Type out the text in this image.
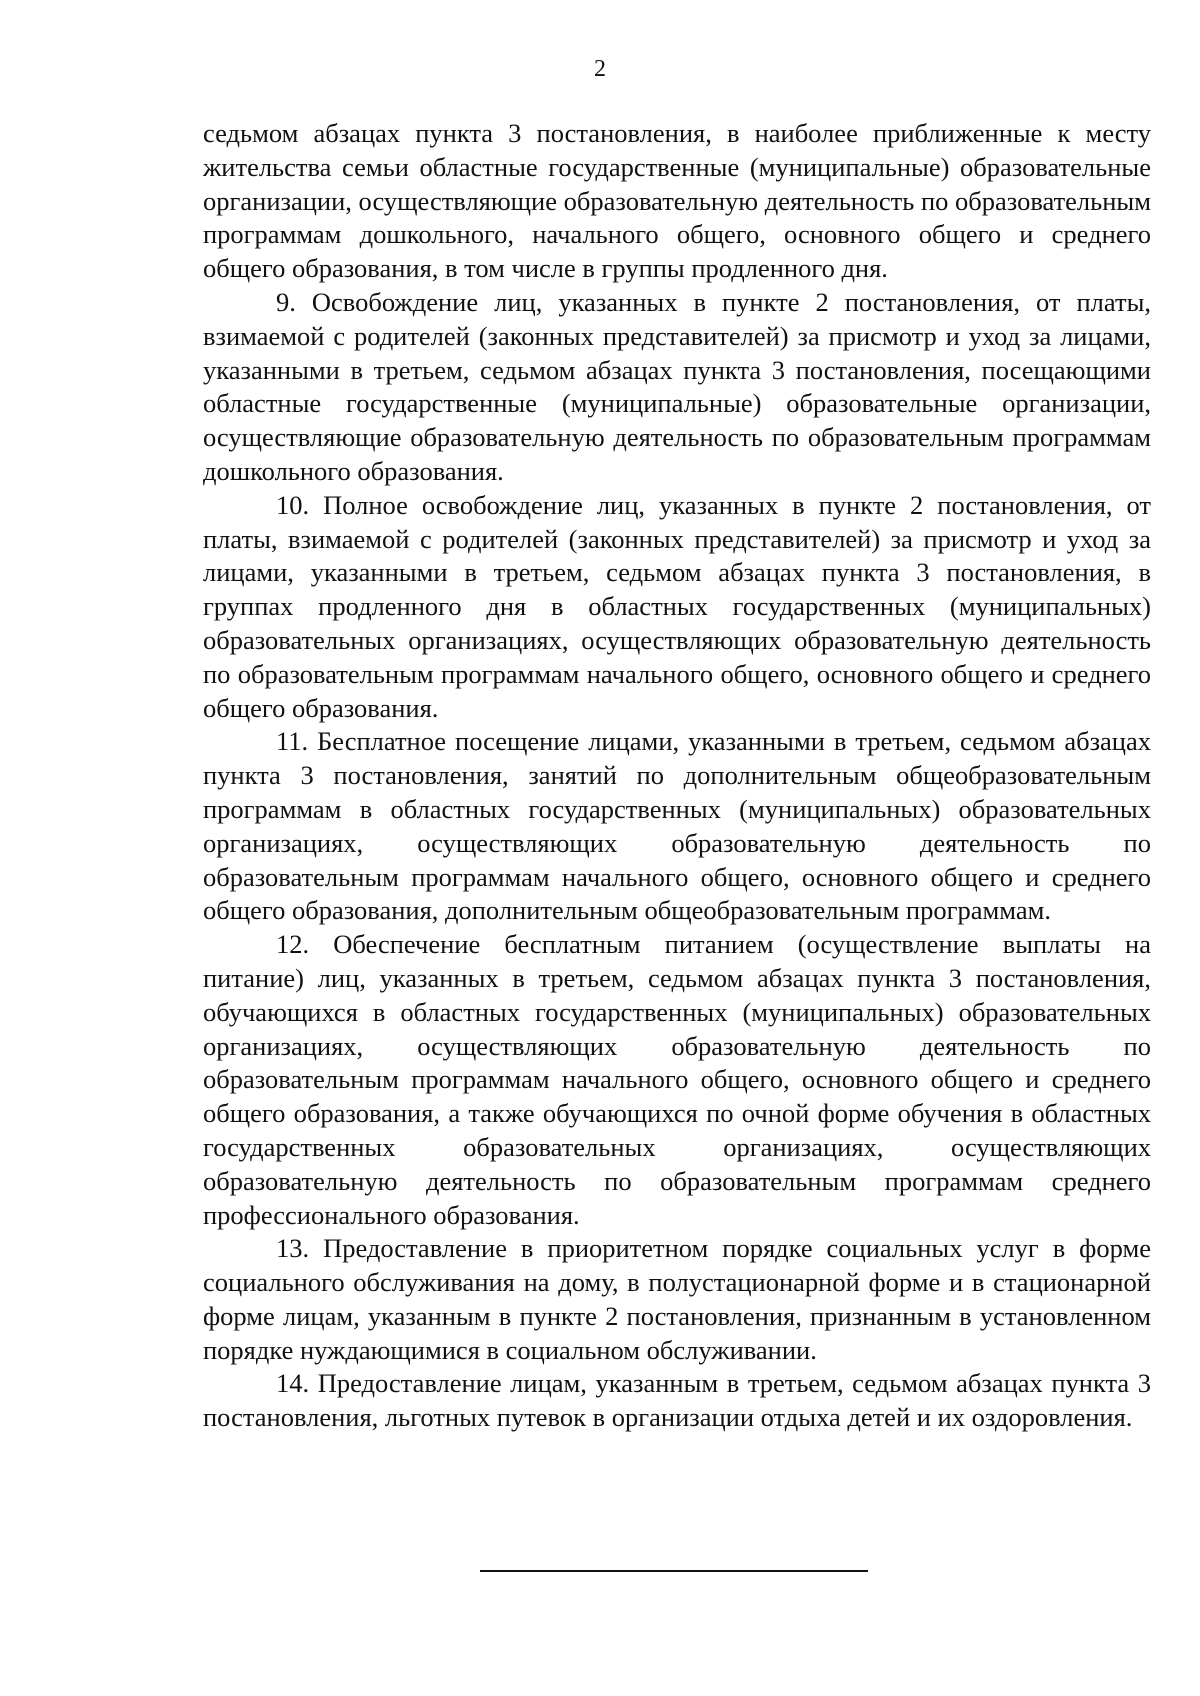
2

седьмом абзацах пункта 3 постановления, в наиболее приближенные к месту жительства семьи областные государственные (муниципальные) образовательные организации, осуществляющие образовательную деятельность по образовательным программам дошкольного, начального общего, основного общего и среднего общего образования, в том числе в группы продленного дня.

9. Освобождение лиц, указанных в пункте 2 постановления, от платы, взимаемой с родителей (законных представителей) за присмотр и уход за лицами, указанными в третьем, седьмом абзацах пункта 3 постановления, посещающими областные государственные (муниципальные) образовательные организации, осуществляющие образовательную деятельность по образовательным программам дошкольного образования.

10. Полное освобождение лиц, указанных в пункте 2 постановления, от платы, взимаемой с родителей (законных представителей) за присмотр и уход за лицами, указанными в третьем, седьмом абзацах пункта 3 постановления, в группах продленного дня в областных государственных (муниципальных) образовательных организациях, осуществляющих образовательную деятельность по образовательным программам начального общего, основного общего и среднего общего образования.

11. Бесплатное посещение лицами, указанными в третьем, седьмом абзацах пункта 3 постановления, занятий по дополнительным общеобразовательным программам в областных государственных (муниципальных) образовательных организациях, осуществляющих образовательную деятельность по образовательным программам начального общего, основного общего и среднего общего образования, дополнительным общеобразовательным программам.

12. Обеспечение бесплатным питанием (осуществление выплаты на питание) лиц, указанных в третьем, седьмом абзацах пункта 3 постановления, обучающихся в областных государственных (муниципальных) образовательных организациях, осуществляющих образовательную деятельность по образовательным программам начального общего, основного общего и среднего общего образования, а также обучающихся по очной форме обучения в областных государственных образовательных организациях, осуществляющих образовательную деятельность по образовательным программам среднего профессионального образования.

13. Предоставление в приоритетном порядке социальных услуг в форме социального обслуживания на дому, в полустационарной форме и в стационарной форме лицам, указанным в пункте 2 постановления, признанным в установленном порядке нуждающимися в социальном обслуживании.

14. Предоставление лицам, указанным в третьем, седьмом абзацах пункта 3 постановления, льготных путевок в организации отдыха детей и их оздоровления.
